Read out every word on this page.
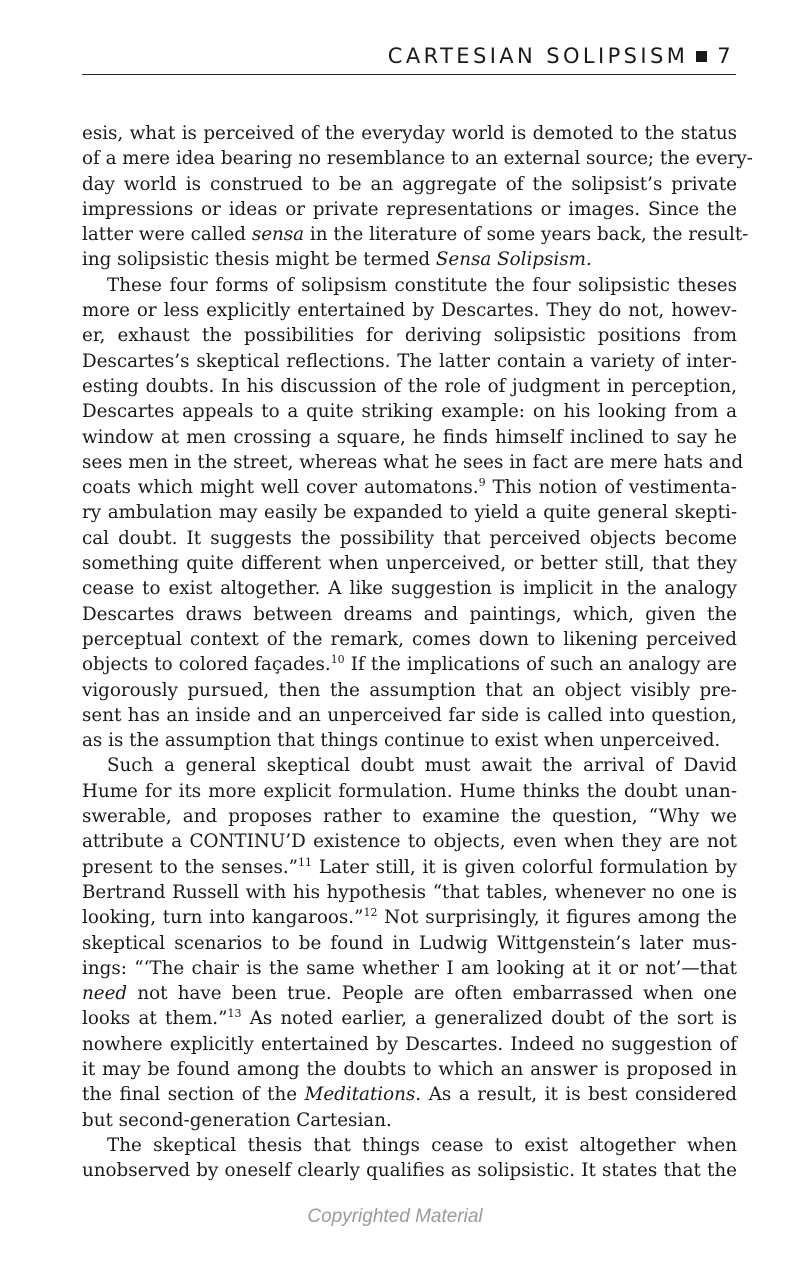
CARTESIAN SOLIPSISM 7
esis, what is perceived of the everyday world is demoted to the status
of a mere idea bearing no resemblance to an external source; the every-
day world is construed to be an aggregate of the solipsist’s private
impressions or ideas or private representations or images. Since the
latter were called sensa in the literature of some years back, the result-
ing solipsistic thesis might be termed Sensa Solipsism.
These four forms of solipsism constitute the four solipsistic theses
more or less explicitly entertained by Descartes. They do not, howev-
er, exhaust the possibilities for deriving solipsistic positions from
Descartes’s skeptical reflections. The latter contain a variety of inter-
esting doubts. In his discussion of the role of judgment in perception,
Descartes appeals to a quite striking example: on his looking from a
window at men crossing a square, he finds himself inclined to say he
sees men in the street, whereas what he sees in fact are mere hats and
coats which might well cover automatons.$^9$ This notion of vestimenta-
ry ambulation may easily be expanded to yield a quite general skepti-
cal doubt. It suggests the possibility that perceived objects become
something quite different when unperceived, or better still, that they
cease to exist altogether. A like suggestion is implicit in the analogy
Descartes draws between dreams and paintings, which, given the
perceptual context of the remark, comes down to likening perceived
objects to colored façades.$^{10}$ If the implications of such an analogy are
vigorously pursued, then the assumption that an object visibly pre-
sent has an inside and an unperceived far side is called into question,
as is the assumption that things continue to exist when unperceived.
Such a general skeptical doubt must await the arrival of David
Hume for its more explicit formulation. Hume thinks the doubt unan-
swerable, and proposes rather to examine the question, “Why we
attribute a CONTINU’D existence to objects, even when they are not
present to the senses.”$^{11}$ Later still, it is given colorful formulation by
Bertrand Russell with his hypothesis “that tables, whenever no one is
looking, turn into kangaroos.”$^{12}$ Not surprisingly, it figures among the
skeptical scenarios to be found in Ludwig Wittgenstein’s later mus-
ings: “‘The chair is the same whether I am looking at it or not’—that
need not have been true. People are often embarrassed when one
looks at them.”$^{13}$ As noted earlier, a generalized doubt of the sort is
nowhere explicitly entertained by Descartes. Indeed no suggestion of
it may be found among the doubts to which an answer is proposed in
the final section of the Meditations. As a result, it is best considered
but second-generation Cartesian.
The skeptical thesis that things cease to exist altogether when
unobserved by oneself clearly qualifies as solipsistic. It states that the
Copyrighted Material
